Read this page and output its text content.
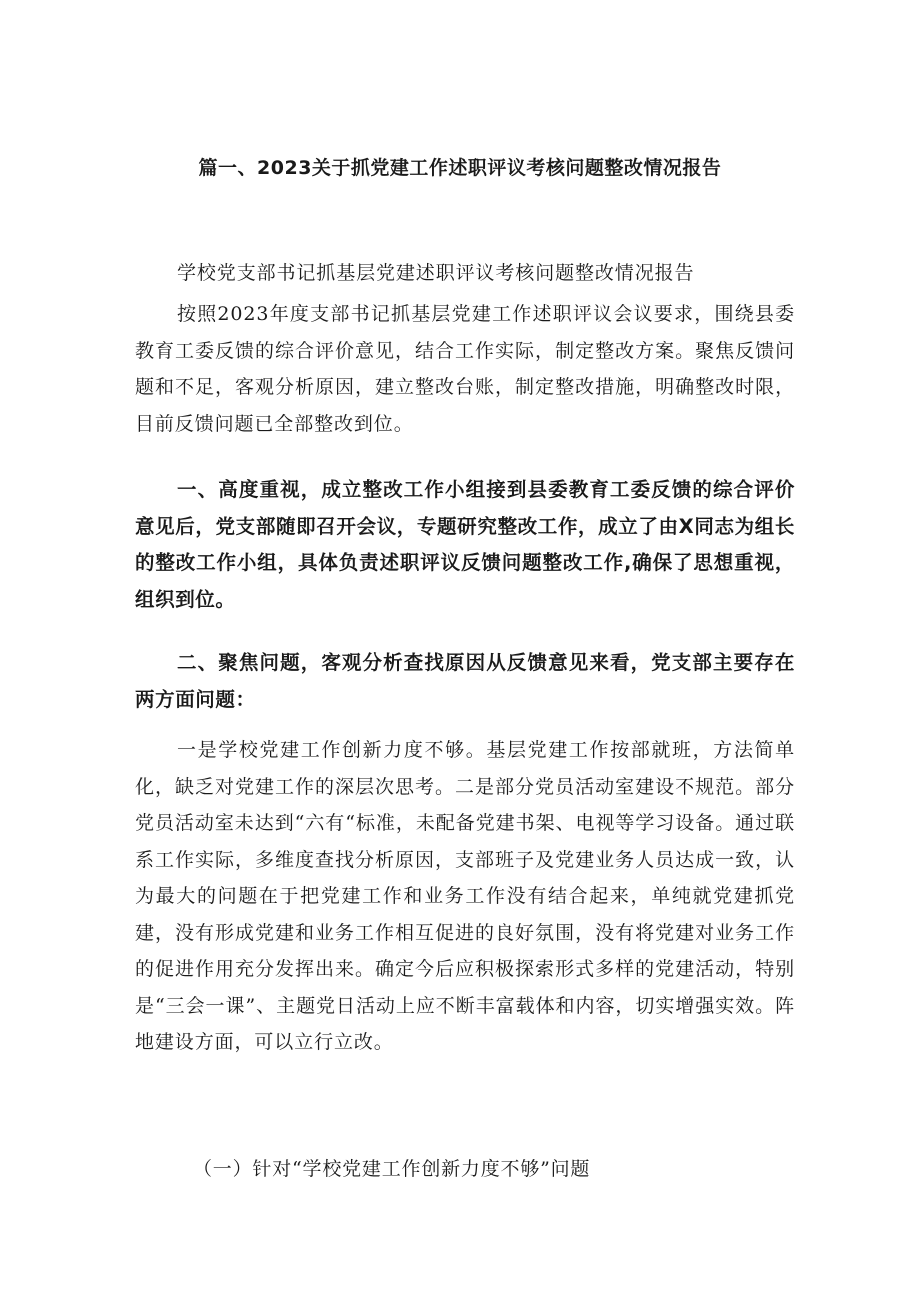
篇一、2023关于抓党建工作述职评议考核问题整改情况报告
学校党支部书记抓基层党建述职评议考核问题整改情况报告
按照2023年度支部书记抓基层党建工作述职评议会议要求，围绕县委教育工委反馈的综合评价意见，结合工作实际，制定整改方案。聚焦反馈问题和不足，客观分析原因，建立整改台账，制定整改措施，明确整改时限，目前反馈问题已全部整改到位。
一、高度重视，成立整改工作小组接到县委教育工委反馈的综合评价意见后，党支部随即召开会议，专题研究整改工作，成立了由X同志为组长的整改工作小组，具体负责述职评议反馈问题整改工作,确保了思想重视，组织到位。
二、聚焦问题，客观分析查找原因从反馈意见来看，党支部主要存在两方面问题：
一是学校党建工作创新力度不够。基层党建工作按部就班，方法简单化，缺乏对党建工作的深层次思考。二是部分党员活动室建设不规范。部分党员活动室未达到“六有“标准，未配备党建书架、电视等学习设备。通过联系工作实际，多维度查找分析原因，支部班子及党建业务人员达成一致，认为最大的问题在于把党建工作和业务工作没有结合起来，单纯就党建抓党建，没有形成党建和业务工作相互促进的良好氛围，没有将党建对业务工作的促进作用充分发挥出来。确定今后应积极探索形式多样的党建活动，特别是“三会一课”、主题党日活动上应不断丰富载体和内容，切实增强实效。阵地建设方面，可以立行立改。
（一）针对“学校党建工作创新力度不够”问题
